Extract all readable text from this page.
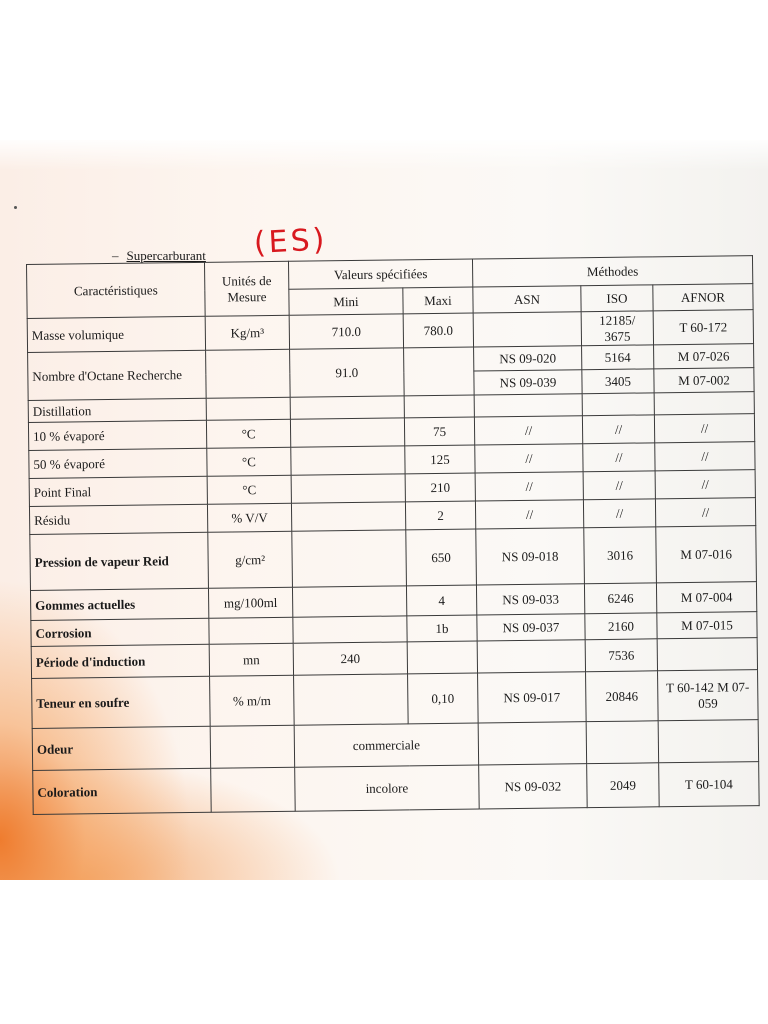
– Supercarburant (ES)
Caractéristiques	Unités de Mesure	Valeurs spécifiées		Méthodes		
		Mini	Maxi	ASN	ISO	AFNOR
Masse volumique	Kg/m³	710.0	780.0		12185/ 3675	T 60-172
Nombre d'Octane Recherche		91.0		NS 09-020	5164	M 07-026
				NS 09-039	3405	M 07-002
Distillation						
10 % évaporé	°C		75	//	//	//
50 % évaporé	°C		125	//	//	//
Point Final	°C		210	//	//	//
Résidu	% V/V		2	//	//	//
Pression de vapeur Reid	g/cm²		650	NS 09-018	3016	M 07-016
Gommes actuelles	mg/100ml		4	NS 09-033	6246	M 07-004
Corrosion			1b	NS 09-037	2160	M 07-015
Période d'induction	mn	240			7536	
Teneur en soufre	% m/m		0,10	NS 09-017	20846	T 60-142 M 07-059
Odeur		commerciale				
Coloration		incolore		NS 09-032	2049	T 60-104
